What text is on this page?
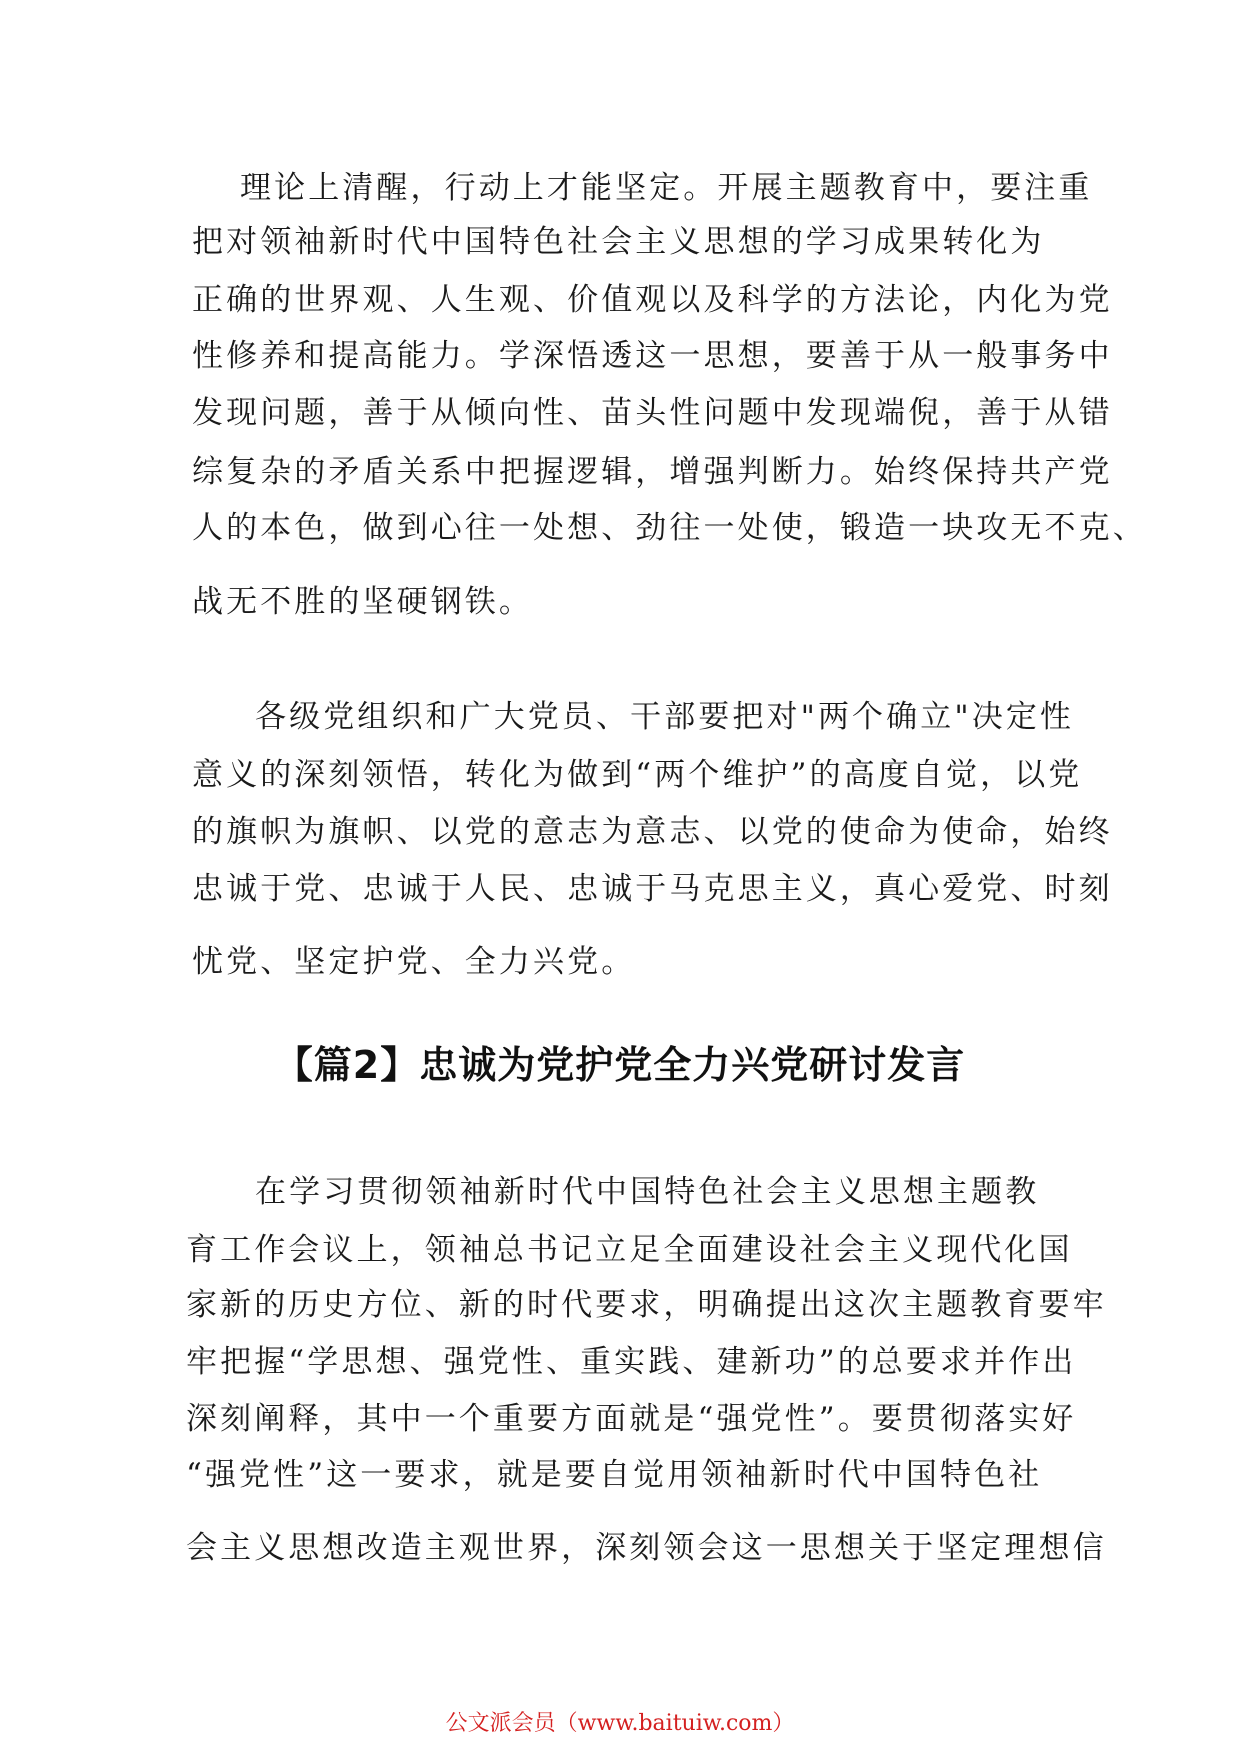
理论上清醒，行动上才能坚定。开展主题教育中，要注重
把对领袖新时代中国特色社会主义思想的学习成果转化为
正确的世界观、人生观、价值观以及科学的方法论，内化为党
性修养和提高能力。学深悟透这一思想，要善于从一般事务中
发现问题，善于从倾向性、苗头性问题中发现端倪，善于从错
综复杂的矛盾关系中把握逻辑，增强判断力。始终保持共产党
人的本色，做到心往一处想、劲往一处使，锻造一块攻无不克、
战无不胜的坚硬钢铁。
各级党组织和广大党员、干部要把对"两个确立"决定性
意义的深刻领悟，转化为做到“两个维护”的高度自觉，以党
的旗帜为旗帜、以党的意志为意志、以党的使命为使命，始终
忠诚于党、忠诚于人民、忠诚于马克思主义，真心爱党、时刻
忧党、坚定护党、全力兴党。
【篇2】忠诚为党护党全力兴党研讨发言
在学习贯彻领袖新时代中国特色社会主义思想主题教
育工作会议上，领袖总书记立足全面建设社会主义现代化国
家新的历史方位、新的时代要求，明确提出这次主题教育要牢
牢把握“学思想、强党性、重实践、建新功”的总要求并作出
深刻阐释，其中一个重要方面就是“强党性”。要贯彻落实好
“强党性”这一要求，就是要自觉用领袖新时代中国特色社
会主义思想改造主观世界，深刻领会这一思想关于坚定理想信
公文派会员（www.baituiw.com）
